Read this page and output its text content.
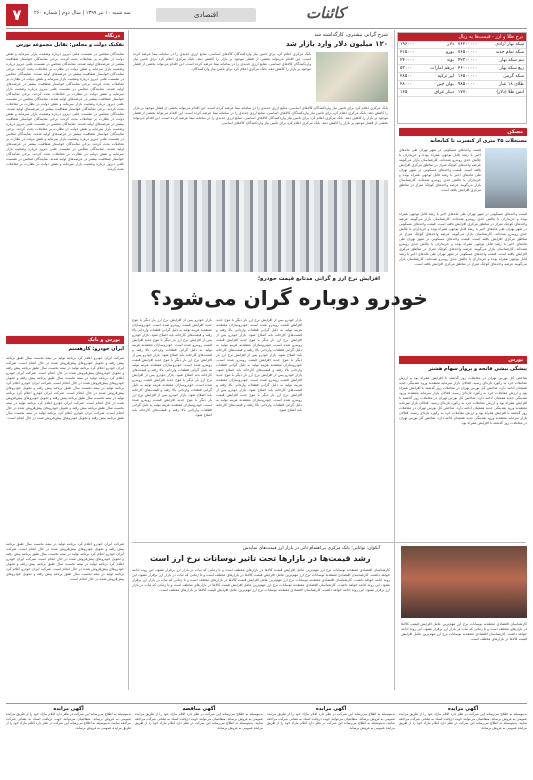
۷	سه شنبه ۱۰ تیر ۱۳۹۹ | سال دوم | شماره ۲۶۰	اقتصادی	کائنات
نرخ طلا و ارز · قیمت‌ها به ریال
سکه بهار آزادی	۷۶۲۰۰۰۰۰	دلار	۱۹۶۰۰۰
سکه تمام جدید	۷۶۵۰۰۰۰۰	یورو	۲۱۵۰۰۰
نیم سکه بهار	۴۲۳۰۰۰۰۰	پوند	۲۴۰۰۰۰
ربع سکه بهار	۲۶۰۰۰۰۰۰	درهم امارات	۵۳۰۰۰
سکه گرمی	۱۶۵۰۰۰۰۰	لیر ترکیه	۲۸۵۰۰
طلای ۱۸ عیار	۹۸۵۰۰۰۰	یوان چین	۲۸۰۰۰
انس طلا (دلار)	۱۷۷۰	دینار عراق	۱۶۵
مسکن
مستغلات ۲۵ متری از کنسرت تا کتابخانه
قیمت واحدهای مسکونی در شهر تهران طی ماه‌های اخیر با رشد قابل توجهی همراه بوده و خریداران با چالش جدی روبه‌رو شده‌اند. کارشناسان بازار می‌گویند عرضه واحدهای کوچک متراژ در مناطق مرکزی افزایش یافته است. قیمت واحدهای مسکونی در شهر تهران طی ماه‌های اخیر با رشد قابل توجهی همراه بوده و خریداران با چالش جدی روبه‌رو شده‌اند. کارشناسان بازار می‌گویند عرضه واحدهای کوچک متراژ در مناطق مرکزی افزایش یافته است.
قیمت واحدهای مسکونی در شهر تهران طی ماه‌های اخیر با رشد قابل توجهی همراه بوده و خریداران با چالش جدی روبه‌رو شده‌اند. کارشناسان بازار می‌گویند عرضه واحدهای کوچک متراژ در مناطق مرکزی افزایش یافته است. قیمت واحدهای مسکونی در شهر تهران طی ماه‌های اخیر با رشد قابل توجهی همراه بوده و خریداران با چالش جدی روبه‌رو شده‌اند. کارشناسان بازار می‌گویند عرضه واحدهای کوچک متراژ در مناطق مرکزی افزایش یافته است. قیمت واحدهای مسکونی در شهر تهران طی ماه‌های اخیر با رشد قابل توجهی همراه بوده و خریداران با چالش جدی روبه‌رو شده‌اند. کارشناسان بازار می‌گویند عرضه واحدهای کوچک متراژ در مناطق مرکزی افزایش یافته است. قیمت واحدهای مسکونی در شهر تهران طی ماه‌های اخیر با رشد قابل توجهی همراه بوده و خریداران با چالش جدی روبه‌رو شده‌اند. کارشناسان بازار می‌گویند عرضه واحدهای کوچک متراژ در مناطق مرکزی افزایش یافته است.
بورس
پیشگی بیشی فاتحه و پرواز سهام هشتر
شاخص کل بورس تهران در معاملات روز گذشته با افزایش همراه بود و ارزش معاملات خرد به رکورد تازه‌ای رسید. فعالان بازار سرمایه معتقدند ورود نقدینگی جدید همچنان ادامه دارد. شاخص کل بورس تهران در معاملات روز گذشته با افزایش همراه بود و ارزش معاملات خرد به رکورد تازه‌ای رسید. فعالان بازار سرمایه معتقدند ورود نقدینگی جدید همچنان ادامه دارد. شاخص کل بورس تهران در معاملات روز گذشته با افزایش همراه بود و ارزش معاملات خرد به رکورد تازه‌ای رسید. فعالان بازار سرمایه معتقدند ورود نقدینگی جدید همچنان ادامه دارد. شاخص کل بورس تهران در معاملات روز گذشته با افزایش همراه بود و ارزش معاملات خرد به رکورد تازه‌ای رسید. فعالان بازار سرمایه معتقدند ورود نقدینگی جدید همچنان ادامه دارد. شاخص کل بورس تهران در معاملات روز گذشته با افزایش همراه بود.
شرح گرانی پیشتری، کارگذاشته شد
۱۲۰ میلیون دلار وارد بازار شد
بانک مرکزی اعلام کرد برای تامین نیاز واردکنندگان کالاهای اساسی، منابع ارزی جدیدی را در سامانه نیما عرضه کرده است. این اقدام می‌تواند بخشی از فشار موجود بر بازار را کاهش دهد. بانک مرکزی اعلام کرد برای تامین نیاز واردکنندگان کالاهای اساسی، منابع ارزی جدیدی را در سامانه نیما عرضه کرده است. این اقدام می‌تواند بخشی از فشار موجود بر بازار را کاهش دهد. بانک مرکزی اعلام کرد برای تامین نیاز واردکنندگان.
بانک مرکزی اعلام کرد برای تامین نیاز واردکنندگان کالاهای اساسی، منابع ارزی جدیدی را در سامانه نیما عرضه کرده است. این اقدام می‌تواند بخشی از فشار موجود بر بازار را کاهش دهد. بانک مرکزی اعلام کرد برای تامین نیاز واردکنندگان کالاهای اساسی، منابع ارزی جدیدی را در سامانه نیما عرضه کرده است. این اقدام می‌تواند بخشی از فشار موجود بر بازار را کاهش دهد. بانک مرکزی اعلام کرد برای تامین نیاز واردکنندگان کالاهای اساسی، منابع ارزی جدیدی را در سامانه نیما عرضه کرده است. این اقدام می‌تواند بخشی از فشار موجود بر بازار را کاهش دهد. بانک مرکزی اعلام کرد برای تامین نیاز واردکنندگان کالاهای اساسی.
درنگاه
تفکیک دولت و مجلس: تقابل مجموعه بورس
نمایندگان مجلس در نشست علنی دیروز درباره وضعیت بازار سرمایه و نقش دولت در نظارت بر معاملات بحث کردند. برخی نمایندگان خواستار شفافیت بیشتر در عرضه‌های اولیه شدند. نمایندگان مجلس در نشست علنی دیروز درباره وضعیت بازار سرمایه و نقش دولت در نظارت بر معاملات بحث کردند. برخی نمایندگان خواستار شفافیت بیشتر در عرضه‌های اولیه شدند. نمایندگان مجلس در نشست علنی دیروز درباره وضعیت بازار سرمایه و نقش دولت در نظارت بر معاملات بحث کردند. برخی نمایندگان خواستار شفافیت بیشتر در عرضه‌های اولیه شدند. نمایندگان مجلس در نشست علنی دیروز درباره وضعیت بازار سرمایه و نقش دولت در نظارت بر معاملات بحث کردند. برخی نمایندگان خواستار شفافیت بیشتر در عرضه‌های اولیه شدند. نمایندگان مجلس در نشست علنی دیروز درباره وضعیت بازار سرمایه و نقش دولت در نظارت بر معاملات بحث کردند. برخی نمایندگان خواستار شفافیت بیشتر در عرضه‌های اولیه شدند. نمایندگان مجلس در نشست علنی دیروز درباره وضعیت بازار سرمایه و نقش دولت در نظارت بر معاملات بحث کردند. برخی نمایندگان خواستار شفافیت بیشتر در عرضه‌های اولیه شدند. نمایندگان مجلس در نشست علنی دیروز درباره وضعیت بازار سرمایه و نقش دولت در نظارت بر معاملات بحث کردند. برخی نمایندگان خواستار شفافیت بیشتر در عرضه‌های اولیه شدند. نمایندگان مجلس در نشست علنی دیروز درباره وضعیت بازار سرمایه و نقش دولت در نظارت بر معاملات بحث کردند. برخی نمایندگان خواستار شفافیت بیشتر در عرضه‌های اولیه شدند. نمایندگان مجلس در نشست علنی دیروز درباره وضعیت بازار سرمایه و نقش دولت در نظارت بر معاملات بحث کردند. برخی نمایندگان خواستار شفافیت بیشتر در عرضه‌های اولیه شدند. نمایندگان مجلس در نشست علنی دیروز درباره وضعیت بازار سرمایه و نقش دولت در نظارت بر معاملات بحث کردند.
افزایش نرخ ارز و گرانی مدنابع قیمت خودرو؛
خودرو دوباره گران می‌شود؟
بازار خودرو پس از افزایش نرخ ارز بار دیگر با موج جدید افزایش قیمت روبه‌رو شده است. خودروسازان معتقدند هزینه تولید به دلیل گرانی قطعات وارداتی بالا رفته و قیمت‌های کارخانه باید اصلاح شود. بازار خودرو پس از افزایش نرخ ارز بار دیگر با موج جدید افزایش قیمت روبه‌رو شده است. خودروسازان معتقدند هزینه تولید به دلیل گرانی قطعات وارداتی بالا رفته و قیمت‌های کارخانه باید اصلاح شود. بازار خودرو پس از افزایش نرخ ارز بار دیگر با موج جدید افزایش قیمت روبه‌رو شده است. خودروسازان معتقدند هزینه تولید به دلیل گرانی قطعات وارداتی بالا رفته و قیمت‌های کارخانه باید اصلاح شود. بازار خودرو پس از افزایش نرخ ارز بار دیگر با موج جدید افزایش قیمت روبه‌رو شده است. خودروسازان معتقدند هزینه تولید به دلیل گرانی قطعات وارداتی بالا رفته و قیمت‌های کارخانه باید اصلاح شود. بازار خودرو پس از افزایش نرخ ارز بار دیگر با موج جدید افزایش قیمت روبه‌رو شده است. خودروسازان معتقدند هزینه تولید به دلیل گرانی قطعات وارداتی بالا رفته و قیمت‌های کارخانه باید اصلاح شود.
بازار خودرو پس از افزایش نرخ ارز بار دیگر با موج جدید افزایش قیمت روبه‌رو شده است. خودروسازان معتقدند هزینه تولید به دلیل گرانی قطعات وارداتی بالا رفته و قیمت‌های کارخانه باید اصلاح شود. بازار خودرو پس از افزایش نرخ ارز بار دیگر با موج جدید افزایش قیمت روبه‌رو شده است. خودروسازان معتقدند هزینه تولید به دلیل گرانی قطعات وارداتی بالا رفته و قیمت‌های کارخانه باید اصلاح شود. بازار خودرو پس از افزایش نرخ ارز بار دیگر با موج جدید افزایش قیمت روبه‌رو شده است. خودروسازان معتقدند هزینه تولید به دلیل گرانی قطعات وارداتی بالا رفته و قیمت‌های کارخانه باید اصلاح شود. بازار خودرو پس از افزایش نرخ ارز بار دیگر با موج جدید افزایش قیمت روبه‌رو شده است. خودروسازان معتقدند هزینه تولید به دلیل گرانی قطعات وارداتی بالا رفته و قیمت‌های کارخانه باید اصلاح شود. بازار خودرو پس از افزایش نرخ ارز بار دیگر با موج جدید افزایش قیمت روبه‌رو شده است. خودروسازان معتقدند هزینه تولید به دلیل گرانی قطعات وارداتی بالا رفته و قیمت‌های کارخانه باید اصلاح شود.
بورس و بانک
ایران خودرو: کارهستم
شرکت ایران خودرو اعلام کرد برنامه تولید در نیمه نخست سال طبق برنامه پیش رفته و تحویل خودروهای پیش‌فروش شده در حال انجام است. شرکت ایران خودرو اعلام کرد برنامه تولید در نیمه نخست سال طبق برنامه پیش رفته و تحویل خودروهای پیش‌فروش شده در حال انجام است. شرکت ایران خودرو اعلام کرد برنامه تولید در نیمه نخست سال طبق برنامه پیش رفته و تحویل خودروهای پیش‌فروش شده در حال انجام است. شرکت ایران خودرو اعلام کرد برنامه تولید در نیمه نخست سال طبق برنامه پیش رفته و تحویل خودروهای پیش‌فروش شده در حال انجام است. شرکت ایران خودرو اعلام کرد برنامه تولید در نیمه نخست سال طبق برنامه پیش رفته و تحویل خودروهای پیش‌فروش شده در حال انجام است. شرکت ایران خودرو اعلام کرد برنامه تولید در نیمه نخست سال طبق برنامه پیش رفته و تحویل خودروهای پیش‌فروش شده در حال انجام است. شرکت ایران خودرو اعلام کرد برنامه تولید در نیمه نخست سال طبق برنامه پیش رفته و تحویل خودروهای پیش‌فروش شده در حال انجام است.
آنکوان: توانایی؛ بانک مرکزی بی‌اهتمام ثانی در بازار ارز قیمت‌های نمایدش
رشد قیمت‌ها در بازارها تحت تاثیر نوسانات نرخ ارز است
کارشناسان اقتصادی معتقدند نوسانات نرخ ارز مهم‌ترین عامل افزایش قیمت کالاها در بازارهای مختلف است و تا زمانی که ثبات در بازار ارز برقرار نشود، این روند ادامه خواهد داشت. کارشناسان اقتصادی معتقدند نوسانات نرخ ارز مهم‌ترین عامل افزایش قیمت کالاها در بازارهای مختلف است و تا زمانی که ثبات در بازار ارز برقرار نشود، این روند ادامه خواهد داشت. کارشناسان اقتصادی معتقدند نوسانات نرخ ارز مهم‌ترین عامل افزایش قیمت کالاها در بازارهای مختلف است و تا زمانی که ثبات در بازار ارز برقرار نشود، این روند ادامه خواهد داشت. کارشناسان اقتصادی معتقدند نوسانات نرخ ارز مهم‌ترین عامل افزایش قیمت کالاها در بازارهای مختلف است و تا زمانی که ثبات در بازار ارز برقرار نشود، این روند ادامه خواهد داشت. کارشناسان اقتصادی معتقدند نوسانات نرخ ارز مهم‌ترین عامل افزایش قیمت کالاها در بازارهای مختلف است.
کارشناسان اقتصادی معتقدند نوسانات نرخ ارز مهم‌ترین عامل افزایش قیمت کالاها در بازارهای مختلف است و تا زمانی که ثبات در بازار ارز برقرار نشود، این روند ادامه خواهد داشت. کارشناسان اقتصادی معتقدند نوسانات نرخ ارز مهم‌ترین عامل افزایش قیمت کالاها در بازارهای مختلف است.
شرکت ایران خودرو اعلام کرد برنامه تولید در نیمه نخست سال طبق برنامه پیش رفته و تحویل خودروهای پیش‌فروش شده در حال انجام است. شرکت ایران خودرو اعلام کرد برنامه تولید در نیمه نخست سال طبق برنامه پیش رفته و تحویل خودروهای پیش‌فروش شده در حال انجام است. شرکت ایران خودرو اعلام کرد برنامه تولید در نیمه نخست سال طبق برنامه پیش رفته و تحویل خودروهای پیش‌فروش شده در حال انجام است. شرکت ایران خودرو اعلام کرد برنامه تولید در نیمه نخست سال طبق برنامه پیش رفته و تحویل خودروهای پیش‌فروش شده در حال انجام است.
آگهی مزایده
بدینوسیله به اطلاع می‌رساند این شرکت در نظر دارد اقلام مازاد خود را از طریق مزایده عمومی به فروش برساند. متقاضیان می‌توانند جهت دریافت اسناد به نشانی شرکت مراجعه نمایند. بدینوسیله به اطلاع می‌رساند این شرکت در نظر دارد اقلام مازاد خود را از طریق مزایده عمومی به فروش برساند.
آگهی مزایده
بدینوسیله به اطلاع می‌رساند این شرکت در نظر دارد اقلام مازاد خود را از طریق مزایده عمومی به فروش برساند. متقاضیان می‌توانند جهت دریافت اسناد به نشانی شرکت مراجعه نمایند. بدینوسیله به اطلاع می‌رساند این شرکت در نظر دارد اقلام مازاد خود را از طریق مزایده عمومی به فروش برساند.
آگهی مناقصه
بدینوسیله به اطلاع می‌رساند این شرکت در نظر دارد اقلام مازاد خود را از طریق مزایده عمومی به فروش برساند. متقاضیان می‌توانند جهت دریافت اسناد به نشانی شرکت مراجعه نمایند. بدینوسیله به اطلاع می‌رساند این شرکت در نظر دارد اقلام مازاد خود را از طریق مزایده عمومی به فروش برساند.
آگهی مزایده
بدینوسیله به اطلاع می‌رساند این شرکت در نظر دارد اقلام مازاد خود را از طریق مزایده عمومی به فروش برساند. متقاضیان می‌توانند جهت دریافت اسناد به نشانی شرکت مراجعه نمایند. بدینوسیله به اطلاع می‌رساند این شرکت در نظر دارد اقلام مازاد خود را از طریق مزایده عمومی به فروش برساند.
